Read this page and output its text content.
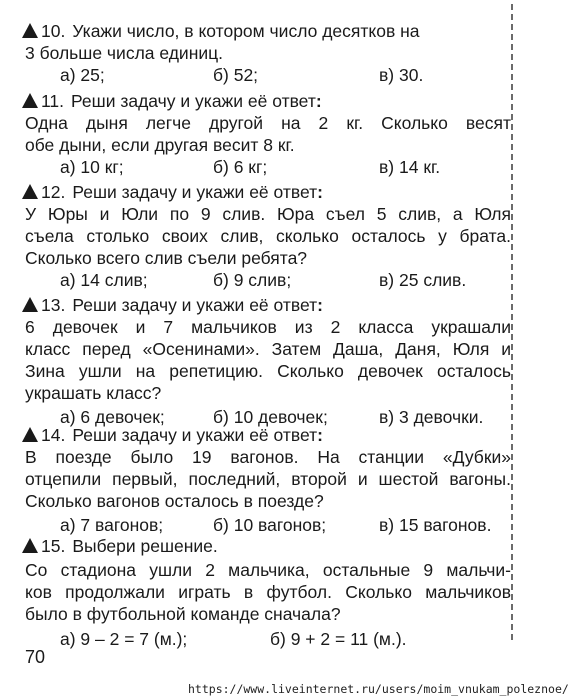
10. Укажи число, в котором число десятков на
3 больше числа единиц.
а) 25;	б) 52;	в) 30.
11. Реши задачу и укажи её ответ :
Одна дыня легче другой на 2 кг. Сколько весят
обе дыни, если другая весит 8 кг.
а) 10 кг;	б) 6 кг;	в) 14 кг.
12. Реши задачу и укажи её ответ :
У Юры и Юли по 9 слив. Юра съел 5 слив, а Юля
съела столько своих слив, сколько осталось у брата.
Сколько всего слив съели ребята?
а) 14 слив;	б) 9 слив;	в) 25 слив.
13. Реши задачу и укажи её ответ :
6 девочек и 7 мальчиков из 2 класса украшали
класс перед «Осенинами». Затем Даша, Даня, Юля и
Зина ушли на репетицию. Сколько девочек осталось
украшать класс?
а) 6 девочек;	б) 10 девочек;	в) 3 девочки.
14. Реши задачу и укажи её ответ :
В поезде было 19 вагонов. На станции «Дубки»
отцепили первый, последний, второй и шестой вагоны.
Сколько вагонов осталось в поезде?
а) 7 вагонов;	б) 10 вагонов;	в) 15 вагонов.
15. Выбери решение.
Со стадиона ушли 2 мальчика, остальные 9 мальчи-
ков продолжали играть в футбол. Сколько мальчиков
было в футбольной команде сначала?
а) 9 – 2 = 7 (м.);	б) 9 + 2 = 11 (м.).
70
https://www.liveinternet.ru/users/moim_vnukam_poleznoe/
